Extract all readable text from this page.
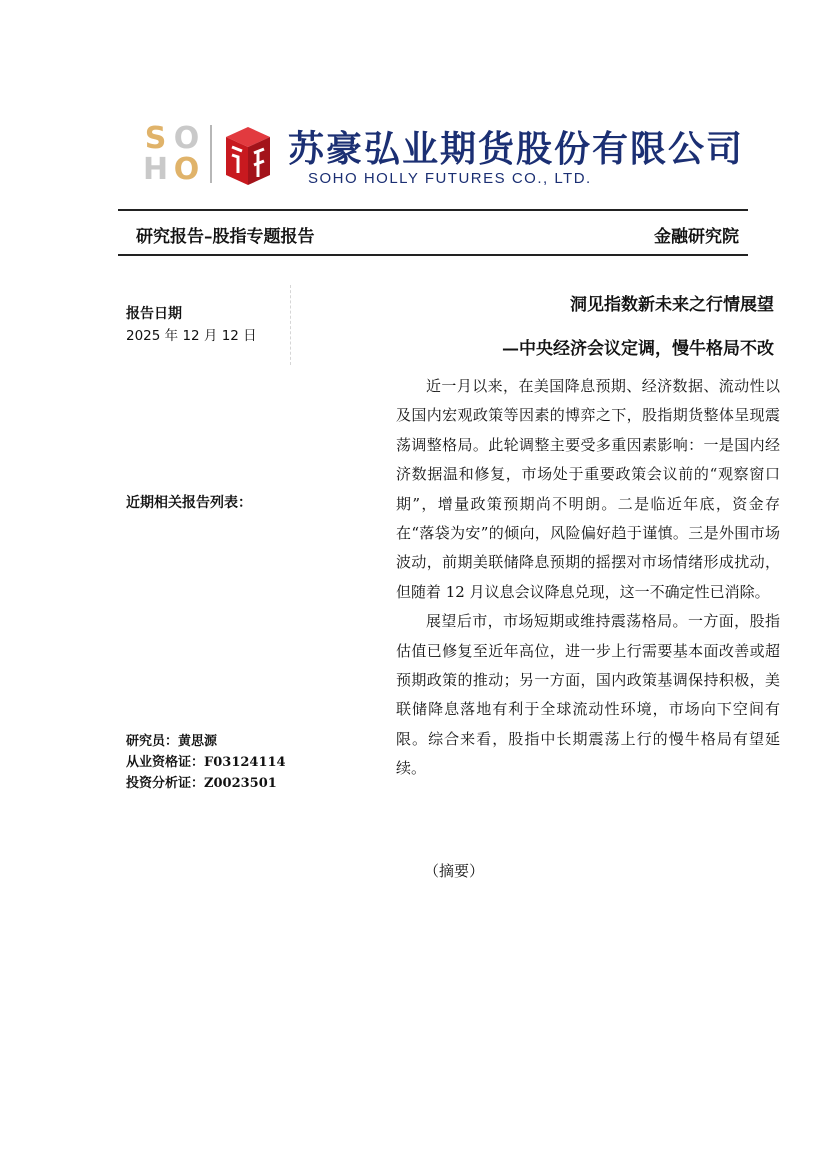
S O
H O 苏豪弘业期货股份有限公司
SOHO HOLLY FUTURES CO., LTD.
研究报告–股指专题报告	金融研究院
报告日期
2025 年 12 月 12 日
近期相关报告列表：
研究员：黄思源
从业资格证：F03124114
投资分析证：Z0023501
洞见指数新未来之行情展望
—中央经济会议定调，慢牛格局不改

近一月以来，在美国降息预期、经济数据、流动性以及国内宏观政策等因素的博弈之下，股指期货整体呈现震荡调整格局。此轮调整主要受多重因素影响：一是国内经济数据温和修复，市场处于重要政策会议前的“观察窗口期”，增量政策预期尚不明朗。二是临近年底，资金存在“落袋为安”的倾向，风险偏好趋于谨慎。三是外围市场波动，前期美联储降息预期的摇摆对市场情绪形成扰动，但随着 12 月议息会议降息兑现，这一不确定性已消除。

展望后市，市场短期或维持震荡格局。一方面，股指估值已修复至近年高位，进一步上行需要基本面改善或超预期政策的推动；另一方面，国内政策基调保持积极，美联储降息落地有利于全球流动性环境，市场向下空间有限。综合来看，股指中长期震荡上行的慢牛格局有望延续。

（摘要）
